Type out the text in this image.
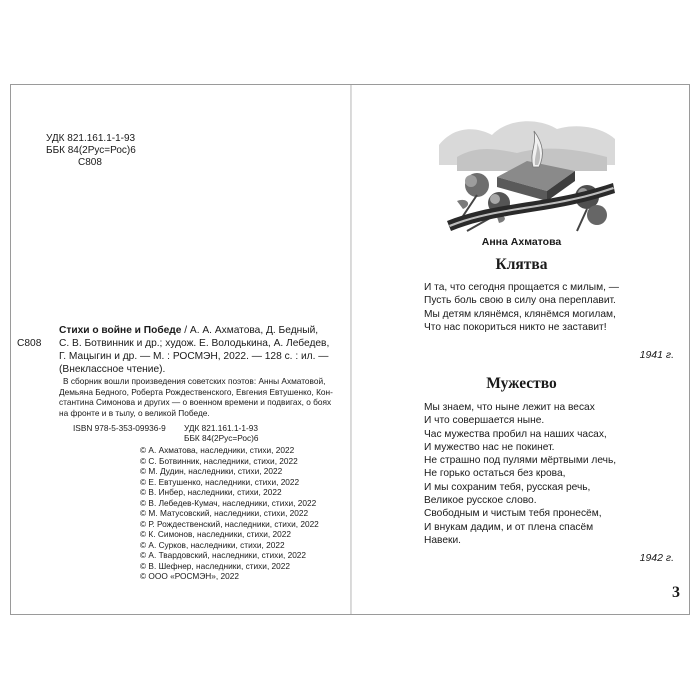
УДК 821.161.1-1-93
ББК 84(2Рус=Рос)6
С808
С808
Стихи о войне и Победе / А. А. Ахматова, Д. Бедный,
С. В. Ботвинник и др.; худож. Е. Володькина, А. Лебедев,
Г. Мацыгин и др. — М. : РОСМЭН, 2022. — 128 с. : ил. —
(Внеклассное чтение).
В сборник вошли произведения советских поэтов: Анны Ахматовой,
Демьяна Бедного, Роберта Рождественского, Евгения Евтушенко, Кон-
стантина Симонова и других — о военном времени и подвигах, о боях
на фронте и в тылу, о великой Победе.
ISBN 978-5-353-09936-9 УДК 821.161.1-1-93
ББК 84(2Рус=Рос)6
© А. Ахматова, наследники, стихи, 2022
© С. Ботвинник, наследники, стихи, 2022
© М. Дудин, наследники, стихи, 2022
© Е. Евтушенко, наследники, стихи, 2022
© В. Инбер, наследники, стихи, 2022
© В. Лебедев-Кумач, наследники, стихи, 2022
© М. Матусовский, наследники, стихи, 2022
© Р. Рождественский, наследники, стихи, 2022
© К. Симонов, наследники, стихи, 2022
© А. Сурков, наследники, стихи, 2022
© А. Твардовский, наследники, стихи, 2022
© В. Шефнер, наследники, стихи, 2022
© ООО «РОСМЭН», 2022
Анна Ахматова
Клятва
И та, что сегодня прощается с милым, —
Пусть боль свою в силу она переплавит.
Мы детям клянёмся, клянёмся могилам,
Что нас покориться никто не заставит!
1941 г.
Мужество
Мы знаем, что ныне лежит на весах
И что совершается ныне.
Час мужества пробил на наших часах,
И мужество нас не покинет.
Не страшно под пулями мёртвыми лечь,
Не горько остаться без крова,
И мы сохраним тебя, русская речь,
Великое русское слово.
Свободным и чистым тебя пронесём,
И внукам дадим, и от плена спасём
Навеки.
1942 г.
3
